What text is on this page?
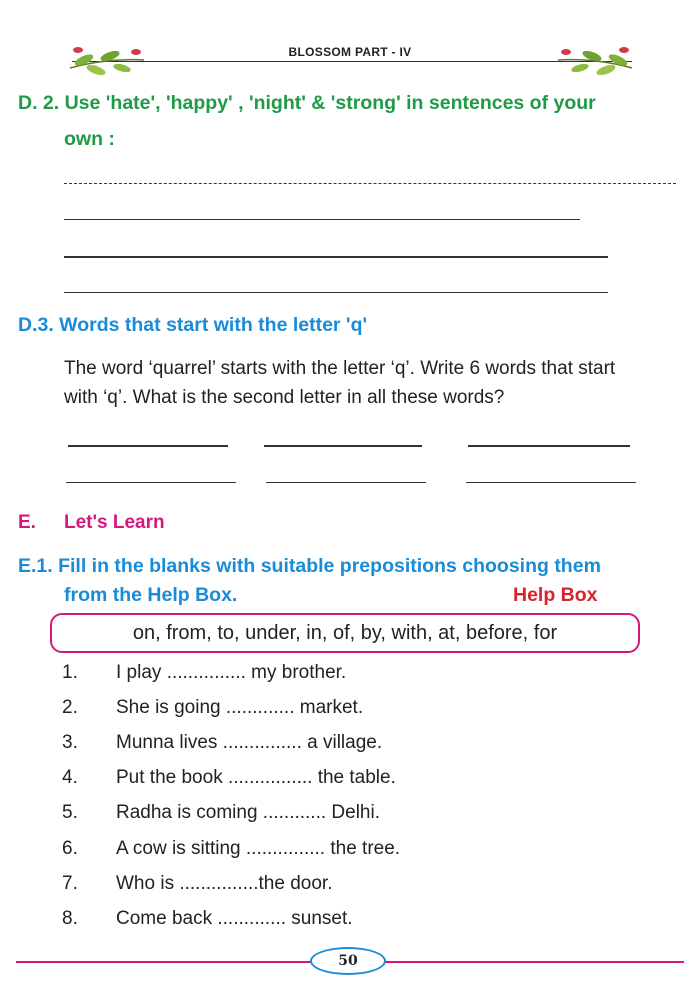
BLOSSOM PART - IV
D. 2. Use 'hate', 'happy' , 'night' & 'strong' in sentences of your
own :
D.3. Words that start with the letter 'q'
The word ‘quarrel’ starts with the letter ‘q’. Write 6 words that start
with ‘q’. What is the second letter in all these words?
E. Let's Learn
E.1. Fill in the blanks with suitable prepositions choosing them
from the Help Box.	Help Box
on, from, to, under, in, of, by, with, at, before, for
1. I play ............... my brother.
2. She is going ............. market.
3. Munna lives ............... a village.
4. Put the book ................ the table.
5. Radha is coming ............ Delhi.
6. A cow is sitting ............... the tree.
7. Who is ...............the door.
8. Come back ............. sunset.
50
